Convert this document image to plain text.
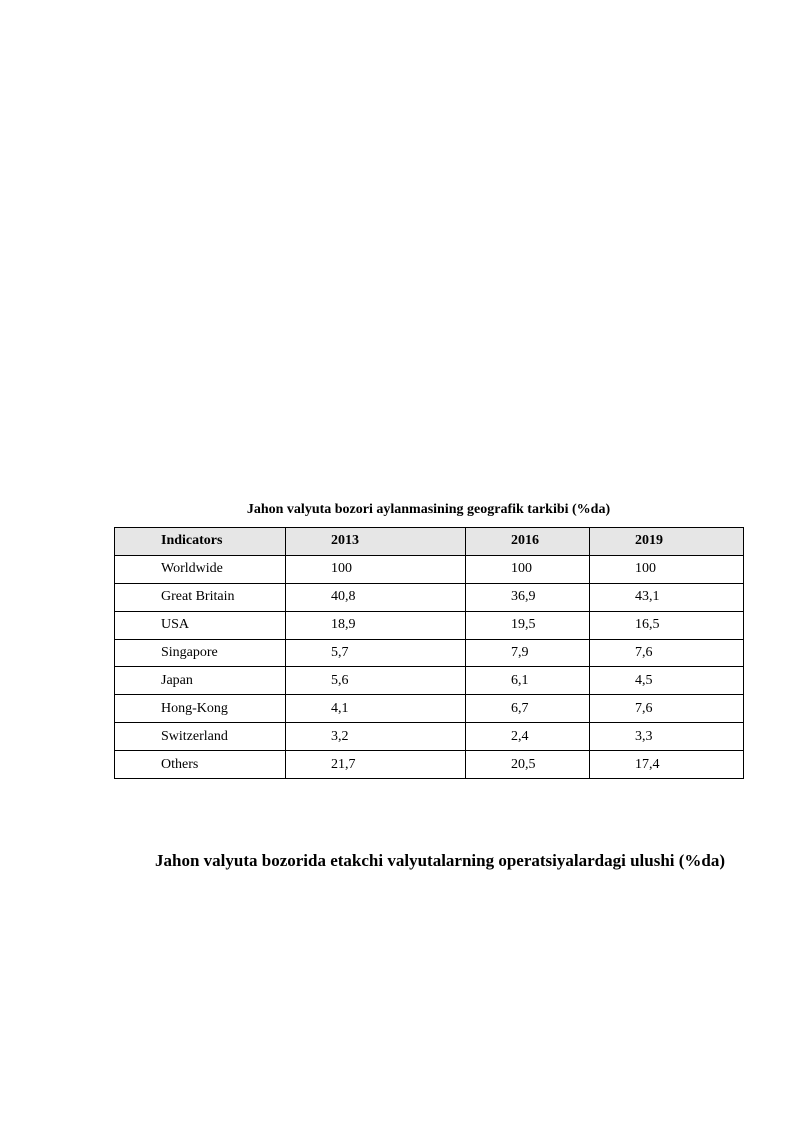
Jahon valyuta bozori aylanmasining geografik tarkibi (%da)
Indicators	2013	2016	2019
Worldwide	100	100	100
Great Britain	40,8	36,9	43,1
USA	18,9	19,5	16,5
Singapore	5,7	7,9	7,6
Japan	5,6	6,1	4,5
Hong-Kong	4,1	6,7	7,6
Switzerland	3,2	2,4	3,3
Others	21,7	20,5	17,4
Jahon valyuta bozorida etakchi valyutalarning operatsiyalardagi ulushi (%da)
